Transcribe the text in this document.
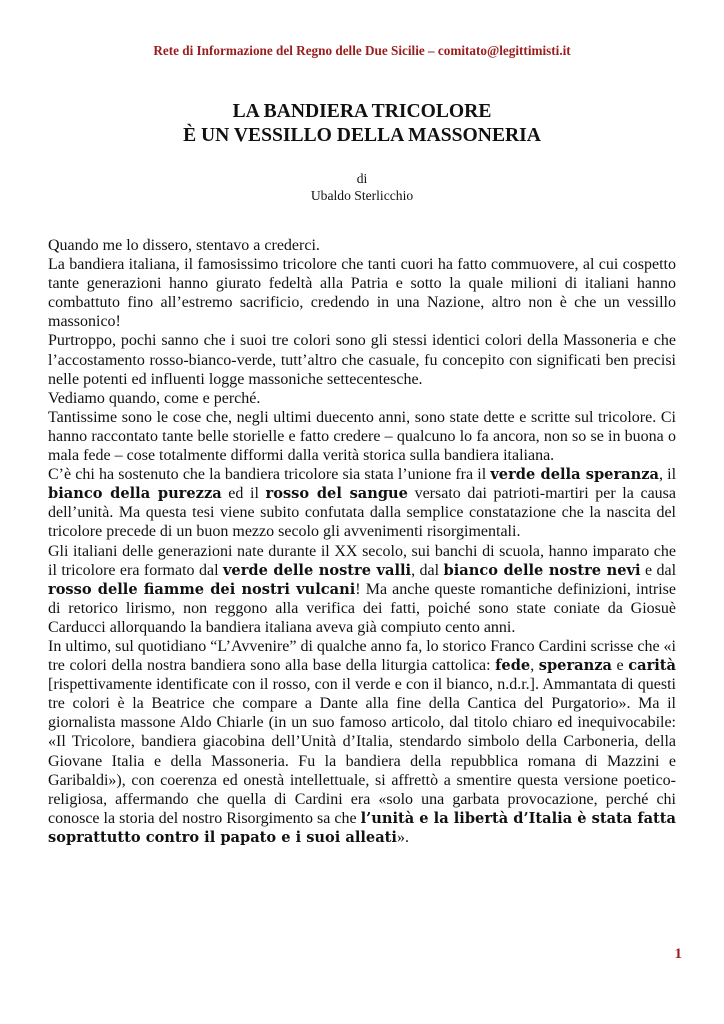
Rete di Informazione del Regno delle Due Sicilie – comitato@legittimisti.it
LA BANDIERA TRICOLORE
È UN VESSILLO DELLA MASSONERIA
di
Ubaldo Sterlicchio

Quando me lo dissero, stentavo a crederci.

La bandiera italiana, il famosissimo tricolore che tanti cuori ha fatto commuovere, al cui cospetto tante generazioni hanno giurato fedeltà alla Patria e sotto la quale milioni di italiani hanno combattuto fino all’estremo sacrificio, credendo in una Nazione, altro non è che un vessillo massonico!

Purtroppo, pochi sanno che i suoi tre colori sono gli stessi identici colori della Massoneria e che l’accostamento rosso-bianco-verde, tutt’altro che casuale, fu concepito con significati ben precisi nelle potenti ed influenti logge massoniche settecentesche.

Vediamo quando, come e perché.

Tantissime sono le cose che, negli ultimi duecento anni, sono state dette e scritte sul tricolore. Ci hanno raccontato tante belle storielle e fatto credere – qualcuno lo fa ancora, non so se in buona o mala fede – cose totalmente difformi dalla verità storica sulla bandiera italiana.

C’è chi ha sostenuto che la bandiera tricolore sia stata l’unione fra il verde della speranza, il bianco della purezza ed il rosso del sangue versato dai patrioti-martiri per la causa dell’unità. Ma questa tesi viene subito confutata dalla semplice constatazione che la nascita del tricolore precede di un buon mezzo secolo gli avvenimenti risorgimentali.

Gli italiani delle generazioni nate durante il XX secolo, sui banchi di scuola, hanno imparato che il tricolore era formato dal verde delle nostre valli, dal bianco delle nostre nevi e dal rosso delle fiamme dei nostri vulcani! Ma anche queste romantiche definizioni, intrise di retorico lirismo, non reggono alla verifica dei fatti, poiché sono state coniate da Giosuè Carducci allorquando la bandiera italiana aveva già compiuto cento anni.

In ultimo, sul quotidiano “L’Avvenire” di qualche anno fa, lo storico Franco Cardini scrisse che «i tre colori della nostra bandiera sono alla base della liturgia cattolica: fede, speranza e carità [rispettivamente identificate con il rosso, con il verde e con il bianco, n.d.r.]. Ammantata di questi tre colori è la Beatrice che compare a Dante alla fine della Cantica del Purgatorio». Ma il giornalista massone Aldo Chiarle (in un suo famoso articolo, dal titolo chiaro ed inequivocabile: «Il Tricolore, bandiera giacobina dell’Unità d’Italia, stendardo simbolo della Carboneria, della Giovane Italia e della Massoneria. Fu la bandiera della repubblica romana di Mazzini e Garibaldi»), con coerenza ed onestà intellettuale, si affrettò a smentire questa versione poetico-religiosa, affermando che quella di Cardini era «solo una garbata provocazione, perché chi conosce la storia del nostro Risorgimento sa che l’unità e la libertà d’Italia è stata fatta soprattutto contro il papato e i suoi alleati».

1
